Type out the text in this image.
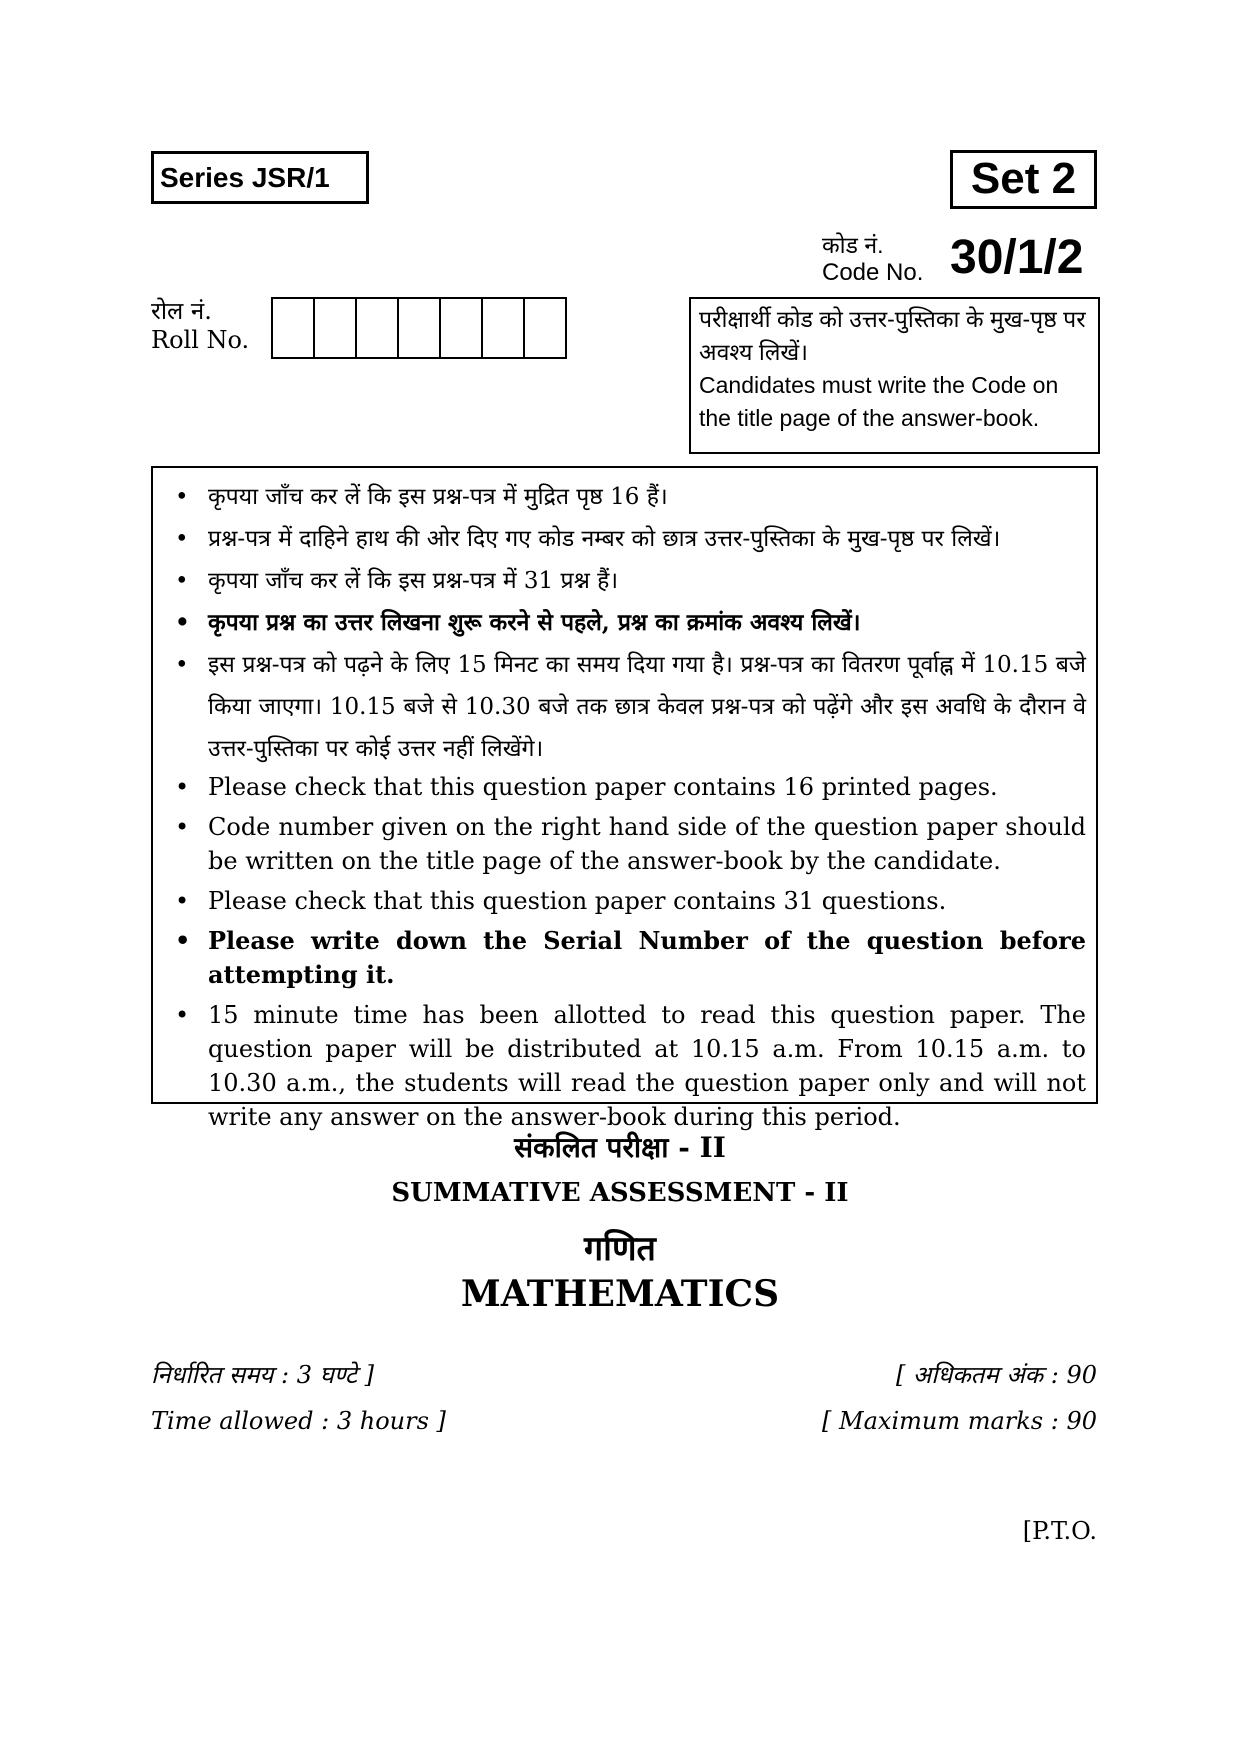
Series JSR/1	Set 2
कोड नं.
Code No. 30/1/2
रोल नं.
Roll No.
परीक्षार्थी कोड को उत्तर-पुस्तिका के मुख-पृष्ठ पर अवश्य लिखें।
Candidates must write the Code on the title page of the answer-book.
• कृपया जाँच कर लें कि इस प्रश्न-पत्र में मुद्रित पृष्ठ 16 हैं।
• प्रश्न-पत्र में दाहिने हाथ की ओर दिए गए कोड नम्बर को छात्र उत्तर-पुस्तिका के मुख-पृष्ठ पर लिखें।
• कृपया जाँच कर लें कि इस प्रश्न-पत्र में 31 प्रश्न हैं।
• कृपया प्रश्न का उत्तर लिखना शुरू करने से पहले, प्रश्न का क्रमांक अवश्य लिखें।
• इस प्रश्न-पत्र को पढ़ने के लिए 15 मिनट का समय दिया गया है। प्रश्न-पत्र का वितरण पूर्वाह्न में 10.15 बजे किया जाएगा। 10.15 बजे से 10.30 बजे तक छात्र केवल प्रश्न-पत्र को पढ़ेंगे और इस अवधि के दौरान वे उत्तर-पुस्तिका पर कोई उत्तर नहीं लिखेंगे।
• Please check that this question paper contains 16 printed pages.
• Code number given on the right hand side of the question paper should be written on the title page of the answer-book by the candidate.
• Please check that this question paper contains 31 questions.
• Please write down the Serial Number of the question before attempting it.
• 15 minute time has been allotted to read this question paper. The question paper will be distributed at 10.15 a.m. From 10.15 a.m. to 10.30 a.m., the students will read the question paper only and will not write any answer on the answer-book during this period.
संकलित परीक्षा - II
SUMMATIVE ASSESSMENT - II
गणित
MATHEMATICS
निर्धारित समय : 3 घण्टे ]
Time allowed : 3 hours ]
[ अधिकतम अंक : 90
[ Maximum marks : 90
[P.T.O.
